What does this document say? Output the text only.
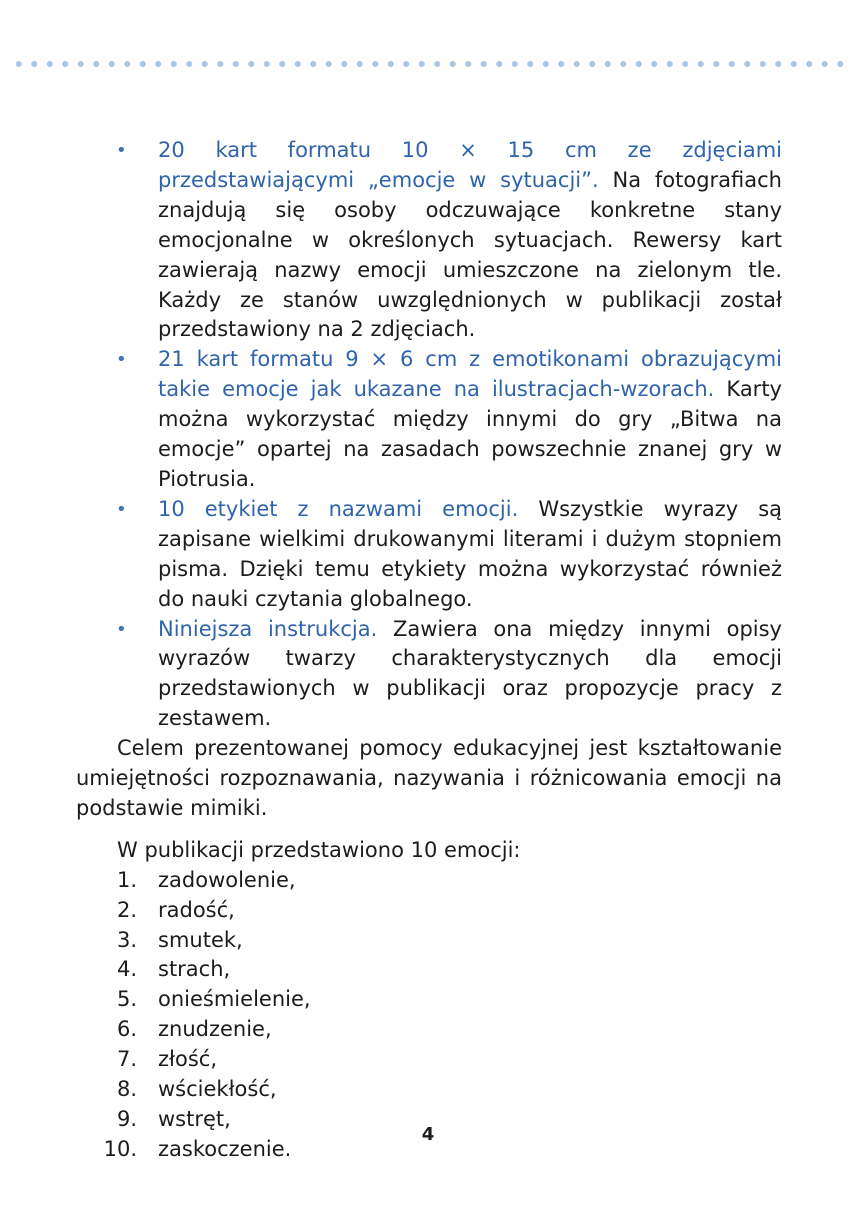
• 20 kart formatu 10 × 15 cm ze zdjęciami przedstawiającymi „emocje w sytuacji”. Na fotografiach znajdują się osoby odczuwające konkretne stany emocjonalne w określonych sytuacjach. Rewersy kart zawierają nazwy emocji umieszczone na zielonym tle. Każdy ze stanów uwzględnionych w publikacji został przedstawiony na 2 zdjęciach.
• 21 kart formatu 9 × 6 cm z emotikonami obrazującymi takie emocje jak ukazane na ilustracjach-wzorach. Karty można wykorzystać między innymi do gry „Bitwa na emocje” opartej na zasadach powszechnie znanej gry w Piotrusia.
• 10 etykiet z nazwami emocji. Wszystkie wyrazy są zapisane wielkimi drukowanymi literami i dużym stopniem pisma. Dzięki temu etykiety można wykorzystać również do nauki czytania globalnego.
• Niniejsza instrukcja. Zawiera ona między innymi opisy wyrazów twarzy charakterystycznych dla emocji przedstawionych w publikacji oraz propozycje pracy z zestawem.

Celem prezentowanej pomocy edukacyjnej jest kształtowanie umiejętności rozpoznawania, nazywania i różnicowania emocji na podstawie mimiki.

W publikacji przedstawiono 10 emocji:

1. zadowolenie,
2. radość,
3. smutek,
4. strach,
5. onieśmielenie,
6. znudzenie,
7. złość,
8. wściekłość,
9. wstręt,
10. zaskoczenie.
4
